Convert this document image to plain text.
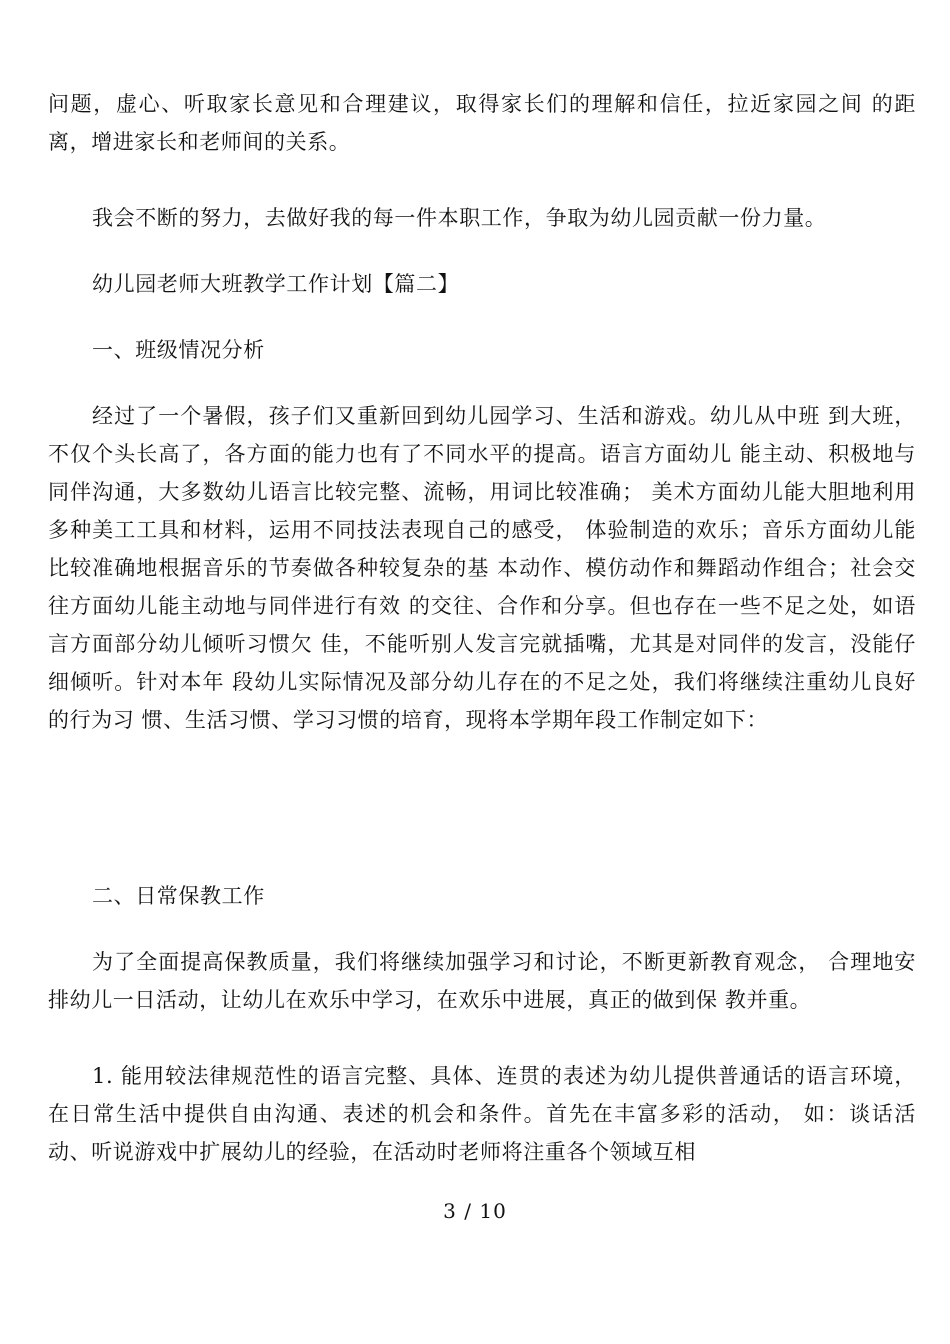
问题，虚心、听取家长意见和合理建议，取得家长们的理解和信任，拉近家园之间 的距离，增进家长和老师间的关系。

我会不断的努力，去做好我的每一件本职工作，争取为幼儿园贡献一份力量。

幼儿园老师大班教学工作计划【篇二】

一、班级情况分析

经过了一个暑假，孩子们又重新回到幼儿园学习、生活和游戏。幼儿从中班 到大班，不仅个头长高了，各方面的能力也有了不同水平的提高。语言方面幼儿 能主动、积极地与同伴沟通，大多数幼儿语言比较完整、流畅，用词比较准确； 美术方面幼儿能大胆地利用多种美工工具和材料，运用不同技法表现自己的感受， 体验制造的欢乐；音乐方面幼儿能比较准确地根据音乐的节奏做各种较复杂的基 本动作、模仿动作和舞蹈动作组合；社会交往方面幼儿能主动地与同伴进行有效 的交往、合作和分享。但也存在一些不足之处，如语言方面部分幼儿倾听习惯欠 佳，不能听别人发言完就插嘴，尤其是对同伴的发言，没能仔细倾听。针对本年 段幼儿实际情况及部分幼儿存在的不足之处，我们将继续注重幼儿良好的行为习 惯、生活习惯、学习习惯的培育，现将本学期年段工作制定如下：

二、日常保教工作

为了全面提高保教质量，我们将继续加强学习和讨论，不断更新教育观念， 合理地安排幼儿一日活动，让幼儿在欢乐中学习，在欢乐中进展，真正的做到保 教并重。

1. 能用较法律规范性的语言完整、具体、连贯的表述为幼儿提供普通话的语言环境，在日常生活中提供自由沟通、表述的机会和条件。首先在丰富多彩的活动， 如：谈话活动、听说游戏中扩展幼儿的经验，在活动时老师将注重各个领域互相

3 / 10
